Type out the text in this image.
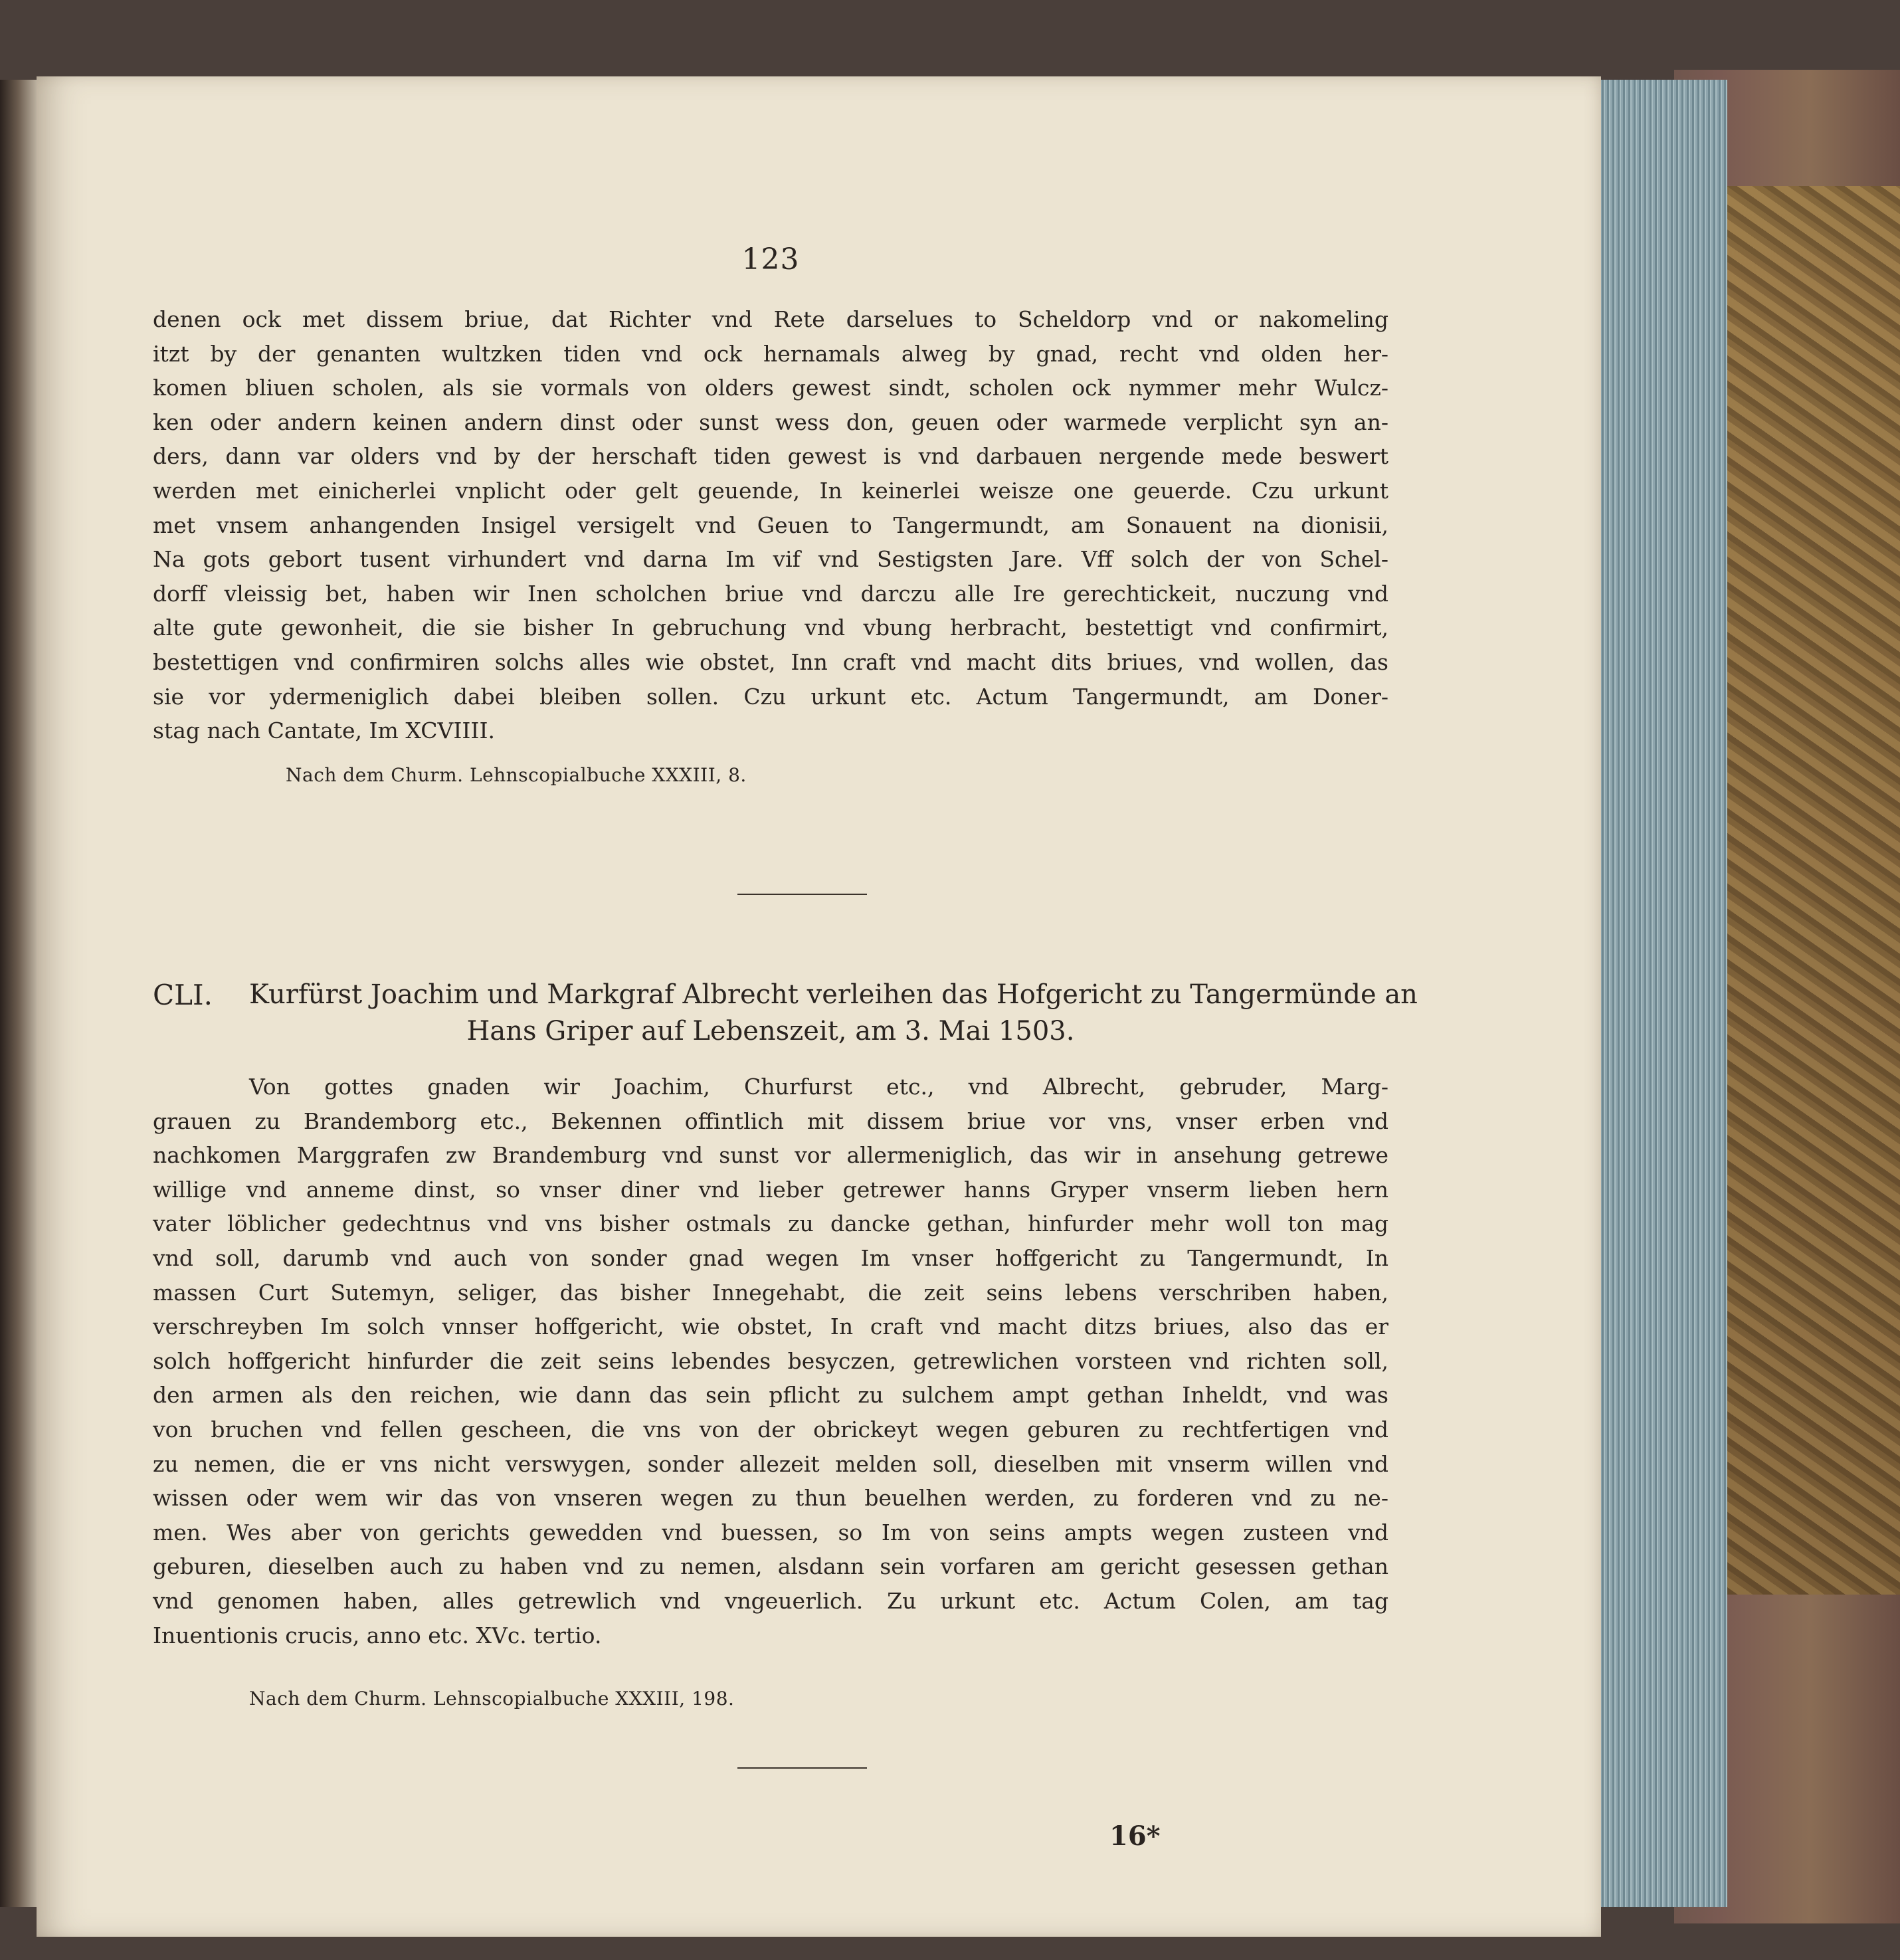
123
denen ock met dissem briue, dat Richter vnd Rete darselues to Scheldorp vnd or nakomeling
itzt by der genanten wultzken tiden vnd ock hernamals alweg by gnad, recht vnd olden her-
komen bliuen scholen, als sie vormals von olders gewest sindt, scholen ock nymmer mehr Wulcz-
ken oder andern keinen andern dinst oder sunst wess don, geuen oder warmede verplicht syn an-
ders, dann var olders vnd by der herschaft tiden gewest is vnd darbauen nergende mede beswert
werden met einicherlei vnplicht oder gelt geuende, In keinerlei weisze one geuerde. Czu urkunt
met vnsem anhangenden Insigel versigelt vnd Geuen to Tangermundt, am Sonauent na dionisii,
Na gots gebort tusent virhundert vnd darna Im vif vnd Sestigsten Jare. Vff solch der von Schel-
dorff vleissig bet, haben wir Inen scholchen briue vnd darczu alle Ire gerechtickeit, nuczung vnd
alte gute gewonheit, die sie bisher In gebruchung vnd vbung herbracht, bestettigt vnd confirmirt,
bestettigen vnd confirmiren solchs alles wie obstet, Inn craft vnd macht dits briues, vnd wollen, das
sie vor ydermeniglich dabei bleiben sollen. Czu urkunt etc. Actum Tangermundt, am Doner-
stag nach Cantate, Im XCVIIII.
Nach dem Churm. Lehnscopialbuche XXXIII, 8.
CLI. Kurfürst Joachim und Markgraf Albrecht verleihen das Hofgericht zu Tangermünde an
Hans Griper auf Lebenszeit, am 3. Mai 1503.
Von gottes gnaden wir Joachim, Churfurst etc., vnd Albrecht, gebruder, Marg-
grauen zu Brandemborg etc., Bekennen offintlich mit dissem briue vor vns, vnser erben vnd
nachkomen Marggrafen zw Brandemburg vnd sunst vor allermeniglich, das wir in ansehung getrewe
willige vnd anneme dinst, so vnser diner vnd lieber getrewer hanns Gryper vnserm lieben hern
vater löblicher gedechtnus vnd vns bisher ostmals zu dancke gethan, hinfurder mehr woll ton mag
vnd soll, darumb vnd auch von sonder gnad wegen Im vnser hoffgericht zu Tangermundt, In
massen Curt Sutemyn, seliger, das bisher Innegehabt, die zeit seins lebens verschriben haben,
verschreyben Im solch vnnser hoffgericht, wie obstet, In craft vnd macht ditzs briues, also das er
solch hoffgericht hinfurder die zeit seins lebendes besyczen, getrewlichen vorsteen vnd richten soll,
den armen als den reichen, wie dann das sein pflicht zu sulchem ampt gethan Inheldt, vnd was
von bruchen vnd fellen gescheen, die vns von der obrickeyt wegen geburen zu rechtfertigen vnd
zu nemen, die er vns nicht verswygen, sonder allezeit melden soll, dieselben mit vnserm willen vnd
wissen oder wem wir das von vnseren wegen zu thun beuelhen werden, zu forderen vnd zu ne-
men. Wes aber von gerichts gewedden vnd buessen, so Im von seins ampts wegen zusteen vnd
geburen, dieselben auch zu haben vnd zu nemen, alsdann sein vorfaren am gericht gesessen gethan
vnd genomen haben, alles getrewlich vnd vngeuerlich. Zu urkunt etc. Actum Colen, am tag
Inuentionis crucis, anno etc. XVc. tertio.
Nach dem Churm. Lehnscopialbuche XXXIII, 198.
16*
